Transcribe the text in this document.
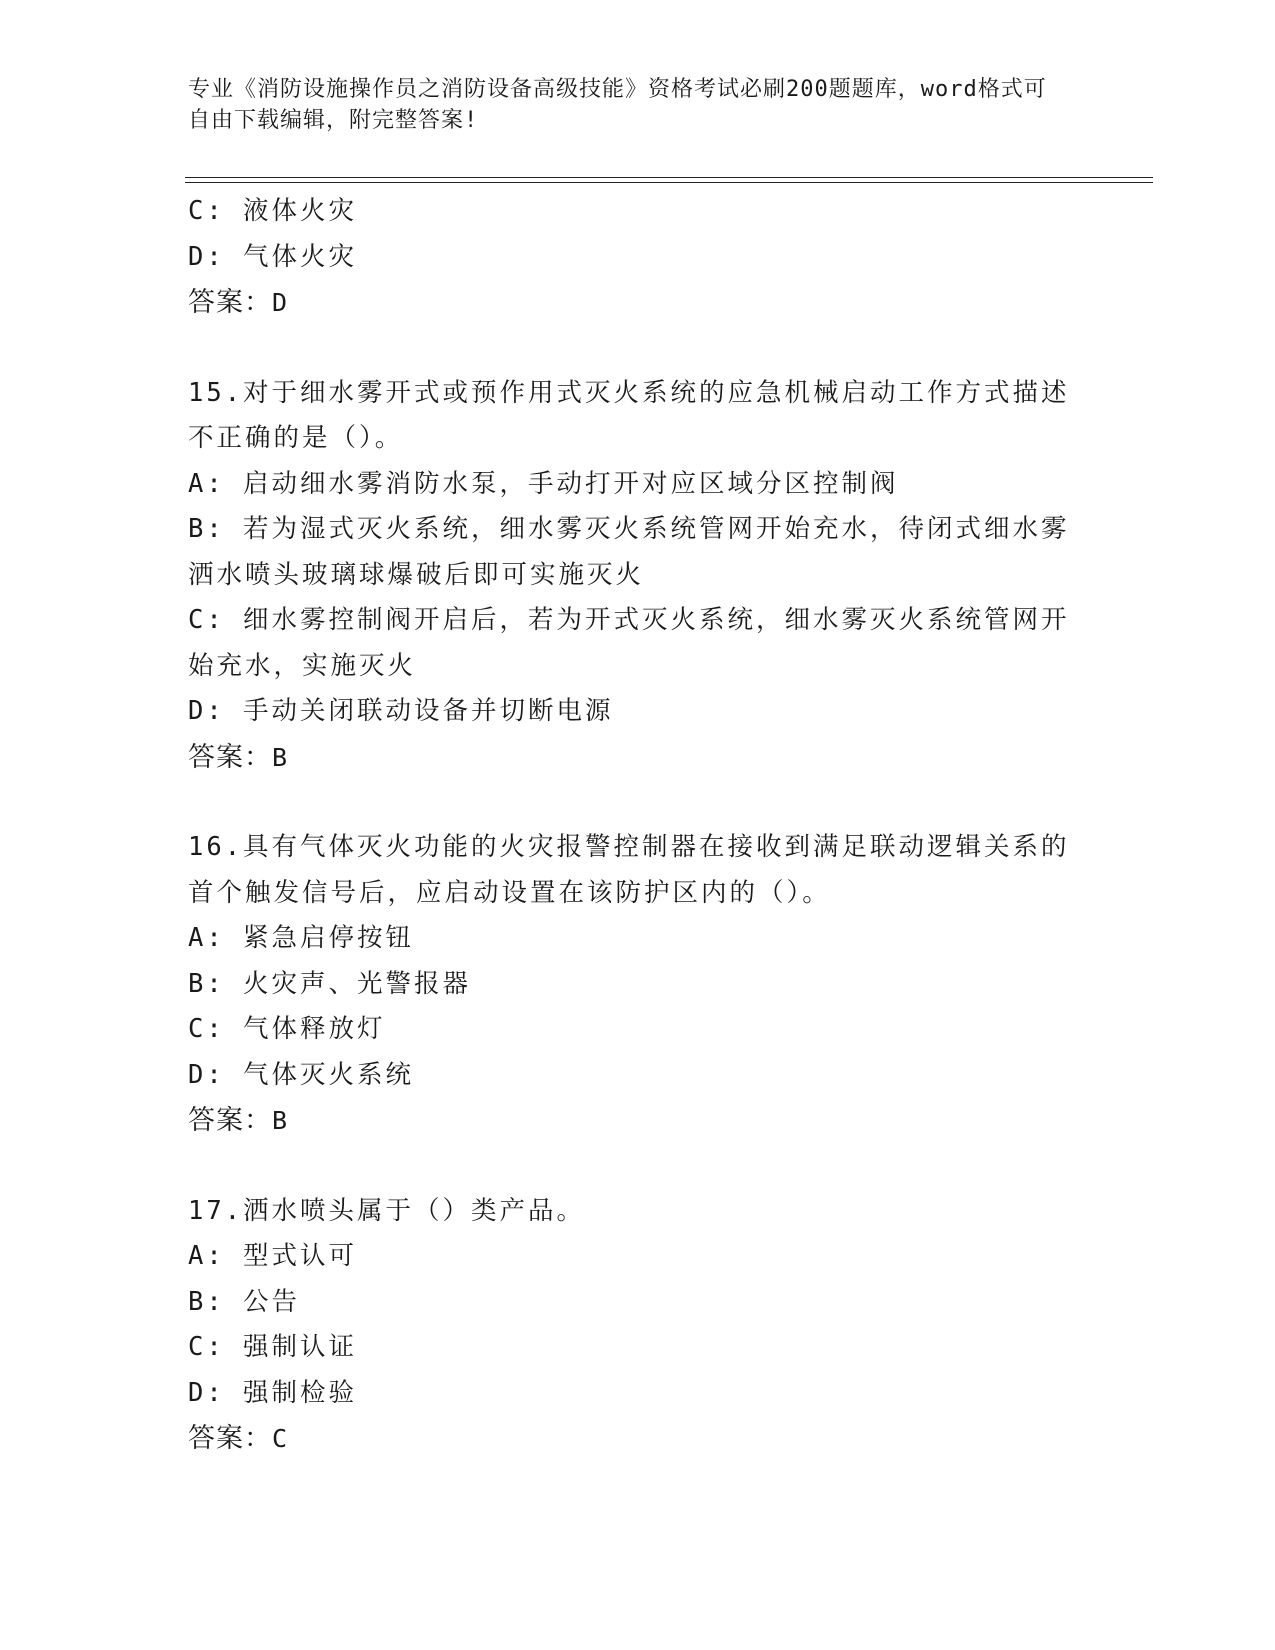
专业《消防设施操作员之消防设备高级技能》资格考试必刷200题题库，word格式可自由下载编辑，附完整答案!
C: 液体火灾
D: 气体火灾
答案：D
15.对于细水雾开式或预作用式灭火系统的应急机械启动工作方式描述
不正确的是（）。
A: 启动细水雾消防水泵，手动打开对应区域分区控制阀
B: 若为湿式灭火系统，细水雾灭火系统管网开始充水，待闭式细水雾
洒水喷头玻璃球爆破后即可实施灭火
C: 细水雾控制阀开启后，若为开式灭火系统，细水雾灭火系统管网开
始充水，实施灭火
D: 手动关闭联动设备并切断电源
答案：B
16.具有气体灭火功能的火灾报警控制器在接收到满足联动逻辑关系的
首个触发信号后，应启动设置在该防护区内的（）。
A: 紧急启停按钮
B: 火灾声、光警报器
C: 气体释放灯
D: 气体灭火系统
答案：B
17.洒水喷头属于（）类产品。
A: 型式认可
B: 公告
C: 强制认证
D: 强制检验
答案：C
